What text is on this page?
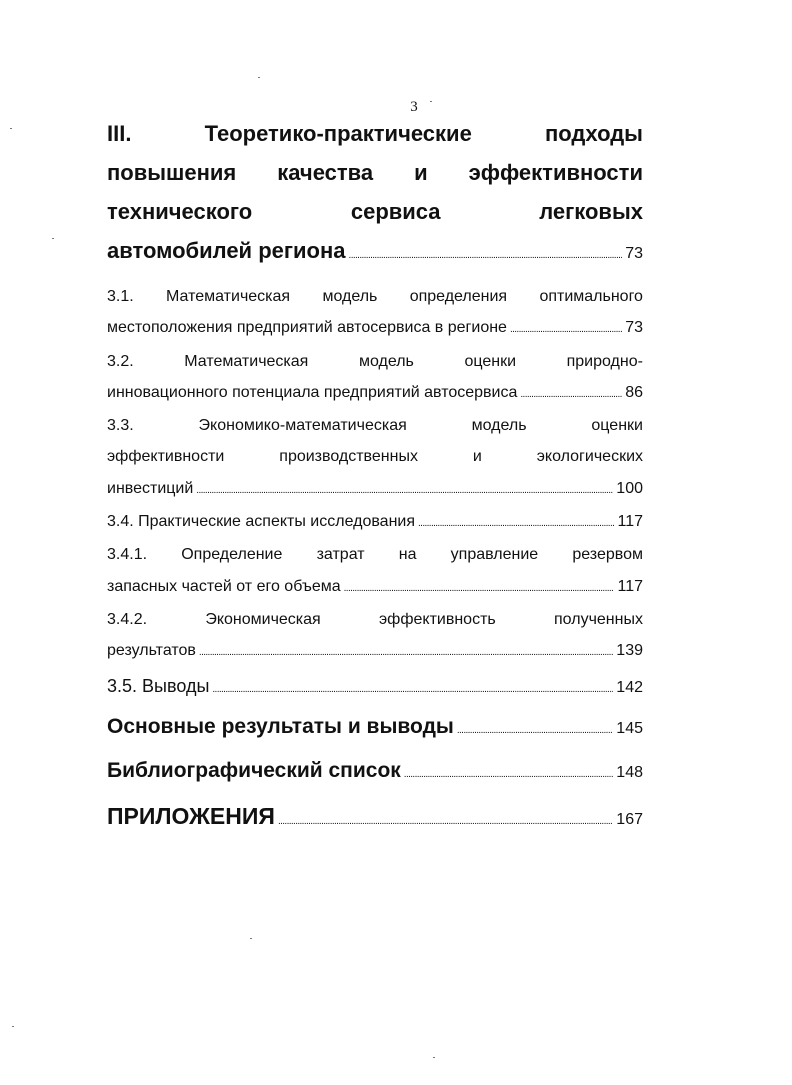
3
III.	Теоретико-практические	подходы
повышения качества и эффективности
технического	сервиса	легковых
автомобилей региона . . .	73
3.1. Математическая модель определения оптимального
местоположения предприятий автосервиса в регионе . . .	73
3.2.	Математическая	модель	оценки	природно-
инновационного потенциала предприятий автосервиса . . .	86
3.3.	Экономико-математическая	модель	оценки
эффективности	производственных	и	экологических
инвестиций . . .	100
3.4. Практические аспекты исследования . . .	117
3.4.1. Определение затрат на управление резервом
запасных частей от его объема . . .	117
3.4.2.	Экономическая	эффективность	полученных
результатов . . .	139
3.5. Выводы . . .	142
Основные результаты и выводы . . .	145
Библиографический список . . .	148
ПРИЛОЖЕНИЯ . . .	167
